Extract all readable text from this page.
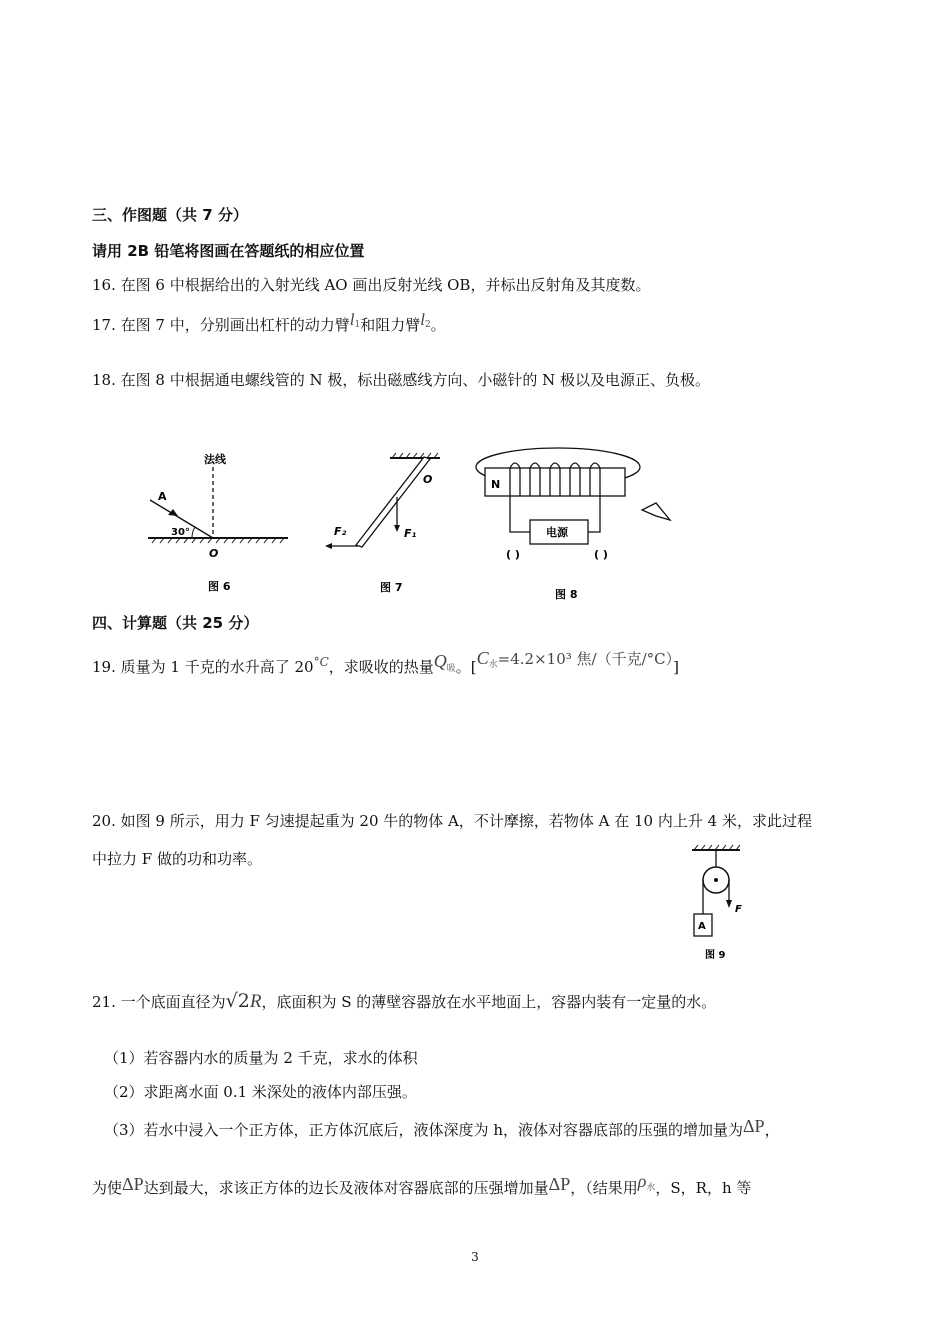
三、作图题（共 7 分）
请用 2B 铅笔将图画在答题纸的相应位置
16. 在图 6 中根据给出的入射光线 AO 画出反射光线 OB，并标出反射角及其度数。
17. 在图 7 中，分别画出杠杆的动力臂$l^1$和阻力臂$l^2$。
18. 在图 8 中根据通电螺线管的 N 极，标出磁感线方向、小磁针的 N 极以及电源正、负极。
法线
A
30°
O
图 6
O
F₁
F₂
图 7
N
电源
( )	( )
图 8
四、计算题（共 25 分）
19. 质量为 1 千克的水升高了 $20^{^\circ C}$，求吸收的热量Q吸。[$C^水=4.2\times 10^3$ 焦/（千克/°C）]
20. 如图 9 所示，用力 F 匀速提起重为 20 牛的物体 A，不计摩擦，若物体 A 在 10 内上升 4 米，求此过程
中拉力 F 做的功和功率。
F
A
图 9
21. 一个底面直径为√2R，底面积为 S 的薄壁容器放在水平地面上，容器内装有一定量的水。
（1）若容器内水的质量为 2 千克，求水的体积
（2）求距离水面 0.1 米深处的液体内部压强。
（3）若水中浸入一个正方体，正方体沉底后，液体深度为 h，液体对容器底部的压强的增加量为ΔP，
为使ΔP达到最大，求该正方体的边长及液体对容器底部的压强增加量ΔP，（结果用$\rho^水$，S，R，h 等
3
